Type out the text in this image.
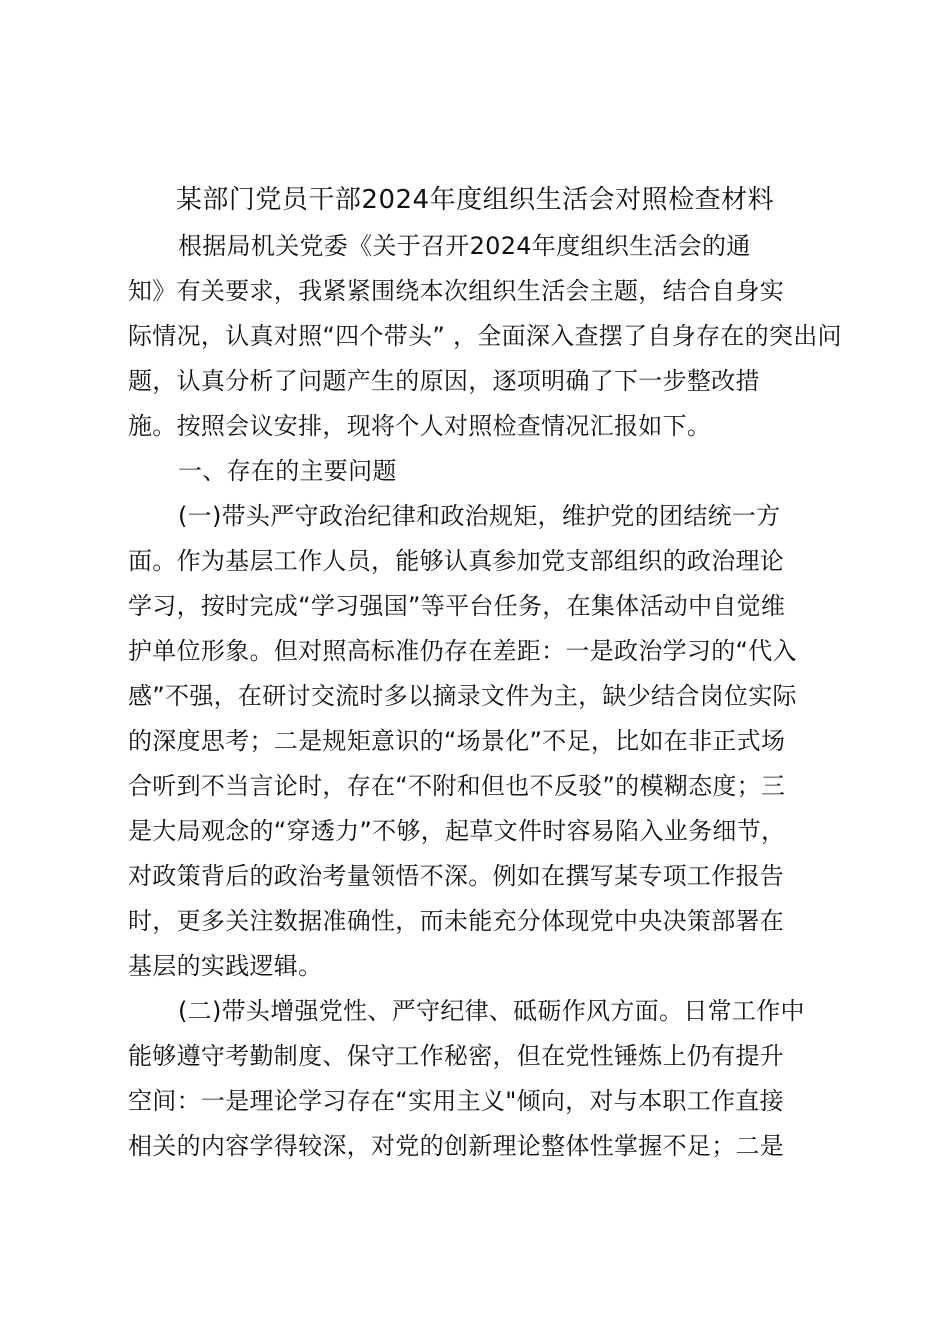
某部门党员干部2024年度组织生活会对照检查材料
根据局机关党委《关于召开2024年度组织生活会的通
知》有关要求，我紧紧围绕本次组织生活会主题，结合自身实
际情况，认真对照“四个带头” ，全面深入查摆了自身存在的突出问
题，认真分析了问题产生的原因，逐项明确了下一步整改措
施。按照会议安排，现将个人对照检查情况汇报如下。
一、存在的主要问题
(一)带头严守政治纪律和政治规矩，维护党的团结统一方
面。作为基层工作人员，能够认真参加党支部组织的政治理论
学习，按时完成“学习强国”等平台任务，在集体活动中自觉维
护单位形象。但对照高标准仍存在差距：一是政治学习的“代入
感”不强，在研讨交流时多以摘录文件为主，缺少结合岗位实际
的深度思考；二是规矩意识的“场景化”不足，比如在非正式场
合听到不当言论时，存在“不附和但也不反驳”的模糊态度；三
是大局观念的“穿透力”不够，起草文件时容易陷入业务细节，
对政策背后的政治考量领悟不深。例如在撰写某专项工作报告
时，更多关注数据准确性，而未能充分体现党中央决策部署在
基层的实践逻辑。
(二)带头增强党性、严守纪律、砥砺作风方面。日常工作中
能够遵守考勤制度、保守工作秘密，但在党性锤炼上仍有提升
空间：一是理论学习存在“实用主义"倾向，对与本职工作直接
相关的内容学得较深，对党的创新理论整体性掌握不足；二是
